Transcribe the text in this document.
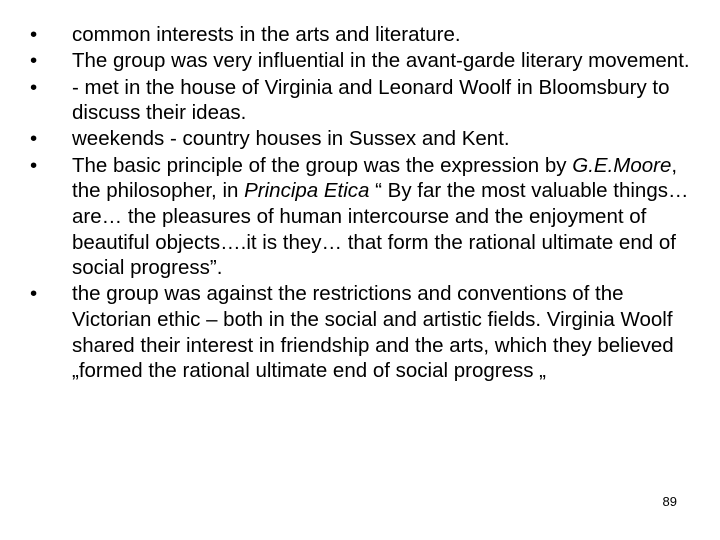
•	common interests in the arts and literature.
•	The group was very influential in the avant-garde literary movement.
•	- met in the house of Virginia and Leonard Woolf in Bloomsbury to discuss their ideas.
•	weekends - country houses in Sussex and Kent.
•	The basic principle of the group was the expression by G.E.Moore, the philosopher, in Principa Etica “ By far the most valuable things… are… the pleasures of human intercourse and the enjoyment of beautiful objects….it is they… that form the rational ultimate end of social progress”.
•	the group was against the restrictions and conventions of the Victorian ethic – both in the social and artistic fields. Virginia Woolf shared their interest in friendship and the arts, which they believed „formed the rational ultimate end of social progress „
89
